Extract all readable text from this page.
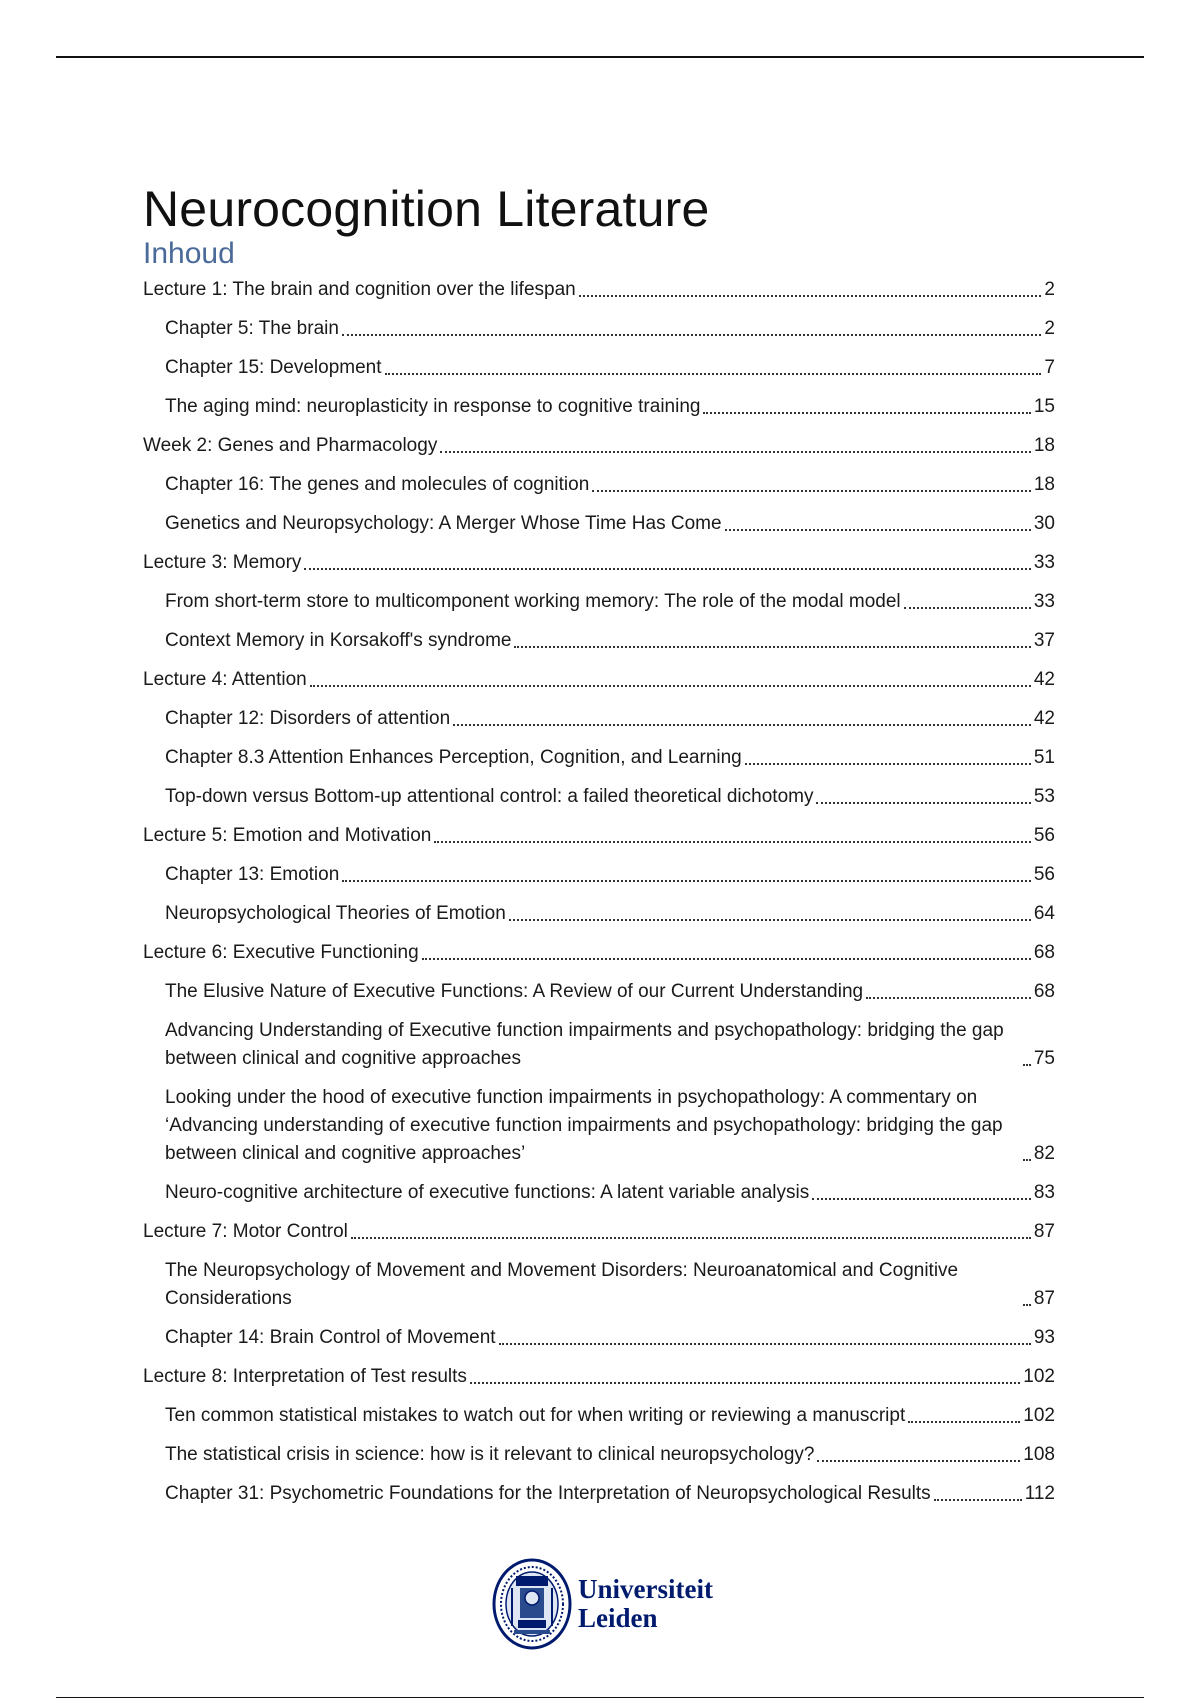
Neurocognition Literature
Inhoud
Lecture 1: The brain and cognition over the lifespan	2
Chapter 5: The brain	2
Chapter 15: Development	7
The aging mind: neuroplasticity in response to cognitive training	15
Week 2: Genes and Pharmacology	18
Chapter 16: The genes and molecules of cognition	18
Genetics and Neuropsychology: A Merger Whose Time Has Come	30
Lecture 3: Memory	33
From short-term store to multicomponent working memory: The role of the modal model	33
Context Memory in Korsakoff's syndrome	37
Lecture 4: Attention	42
Chapter 12: Disorders of attention	42
Chapter 8.3 Attention Enhances Perception, Cognition, and Learning	51
Top-down versus Bottom-up attentional control: a failed theoretical dichotomy	53
Lecture 5: Emotion and Motivation	56
Chapter 13: Emotion	56
Neuropsychological Theories of Emotion	64
Lecture 6: Executive Functioning	68
The Elusive Nature of Executive Functions: A Review of our Current Understanding	68
Advancing Understanding of Executive function impairments and psychopathology: bridging the gap between clinical and cognitive approaches	75
Looking under the hood of executive function impairments in psychopathology: A commentary on ‘Advancing understanding of executive function impairments and psychopathology: bridging the gap between clinical and cognitive approaches’	82
Neuro-cognitive architecture of executive functions: A latent variable analysis	83
Lecture 7: Motor Control	87
The Neuropsychology of Movement and Movement Disorders: Neuroanatomical and Cognitive Considerations	87
Chapter 14: Brain Control of Movement	93
Lecture 8: Interpretation of Test results	102
Ten common statistical mistakes to watch out for when writing or reviewing a manuscript	102
The statistical crisis in science: how is it relevant to clinical neuropsychology?	108
Chapter 31: Psychometric Foundations for the Interpretation of Neuropsychological Results	112
Universiteit
Leiden
